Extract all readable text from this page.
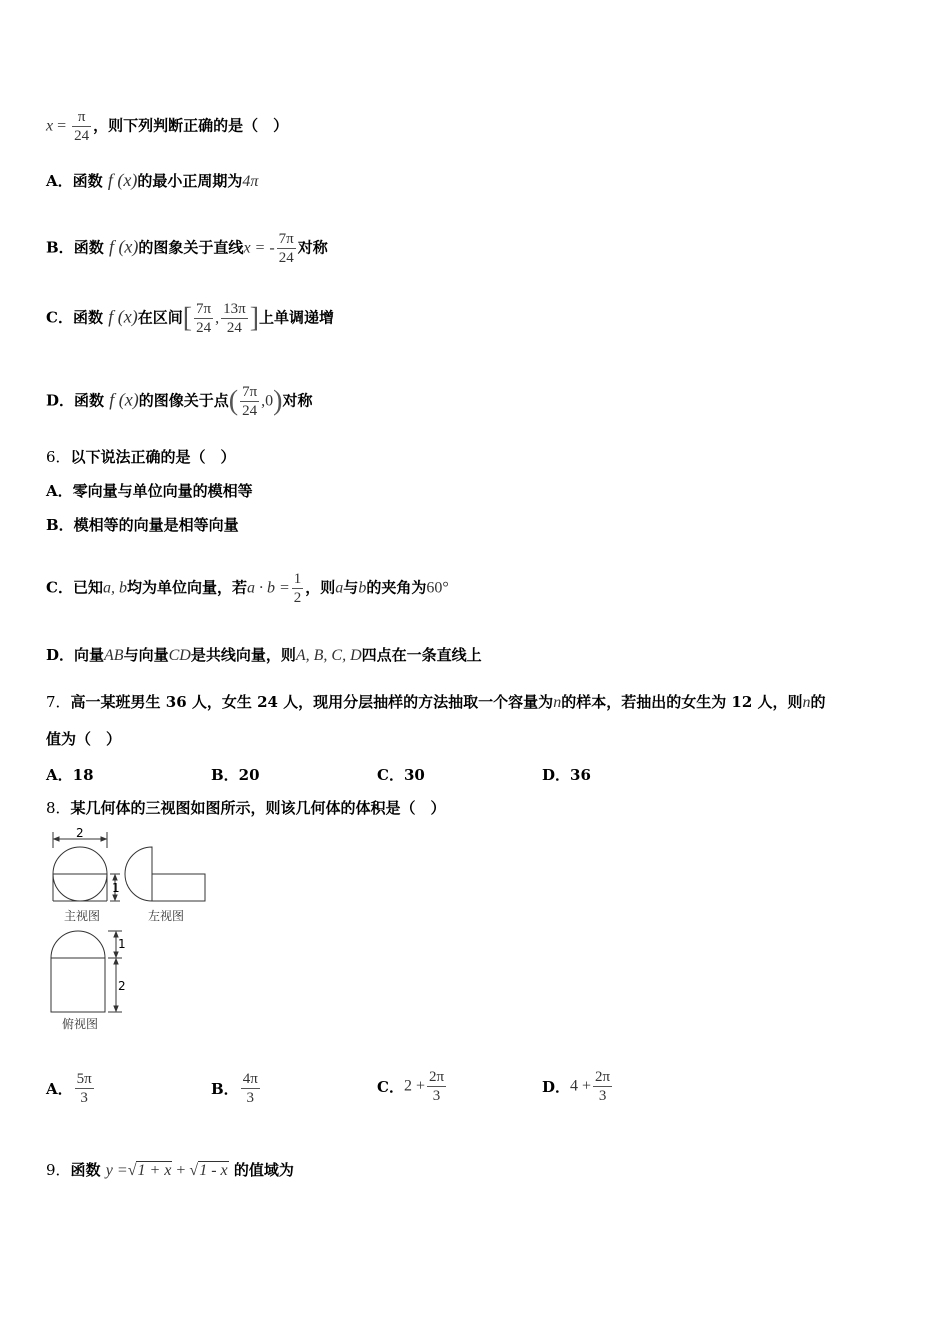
$x = \frac{\pi}{24}$ ，则下列判断正确的是（　）
A．函数 f (x)的最小正周期为4π
B．函数 f (x)的图象关于直线x = - $\frac{7\pi}{24}$ 对称
C．函数 f (x)在区间[ $\frac{7\pi}{24}$ , $\frac{13\pi}{24}$ ]上单调递增
D．函数 f (x)的图像关于点( $\frac{7\pi}{24} ,0$)对称
6．以下说法正确的是（　）
A．零向量与单位向量的模相等
B．模相等的向量是相等向量
C．已知a, b均为单位向量，若$a \cdot b = \frac{1}{2}$ ，则a与b的夹角为60°
D．向量AB与向量CD是共线向量，则A, B, C, D四点在一条直线上
7．高一某班男生 36 人，女生 24 人，现用分层抽样的方法抽取一个容量为n的样本，若抽出的女生为 12 人，则n的
值为（　）
A．18	B．20	C．30	D．36
8．某几何体的三视图如图所示，则该几何体的体积是（　）
2
1
主视图	左视图
1
2
俯视图
A． $\frac{5\pi}{3}$	B． $\frac{4\pi}{3}$	C．$2 + \frac{2\pi}{3}$	D．$4 + \frac{2\pi}{3}$
9．函数 y =√1 + x + √1 - x 的值域为
